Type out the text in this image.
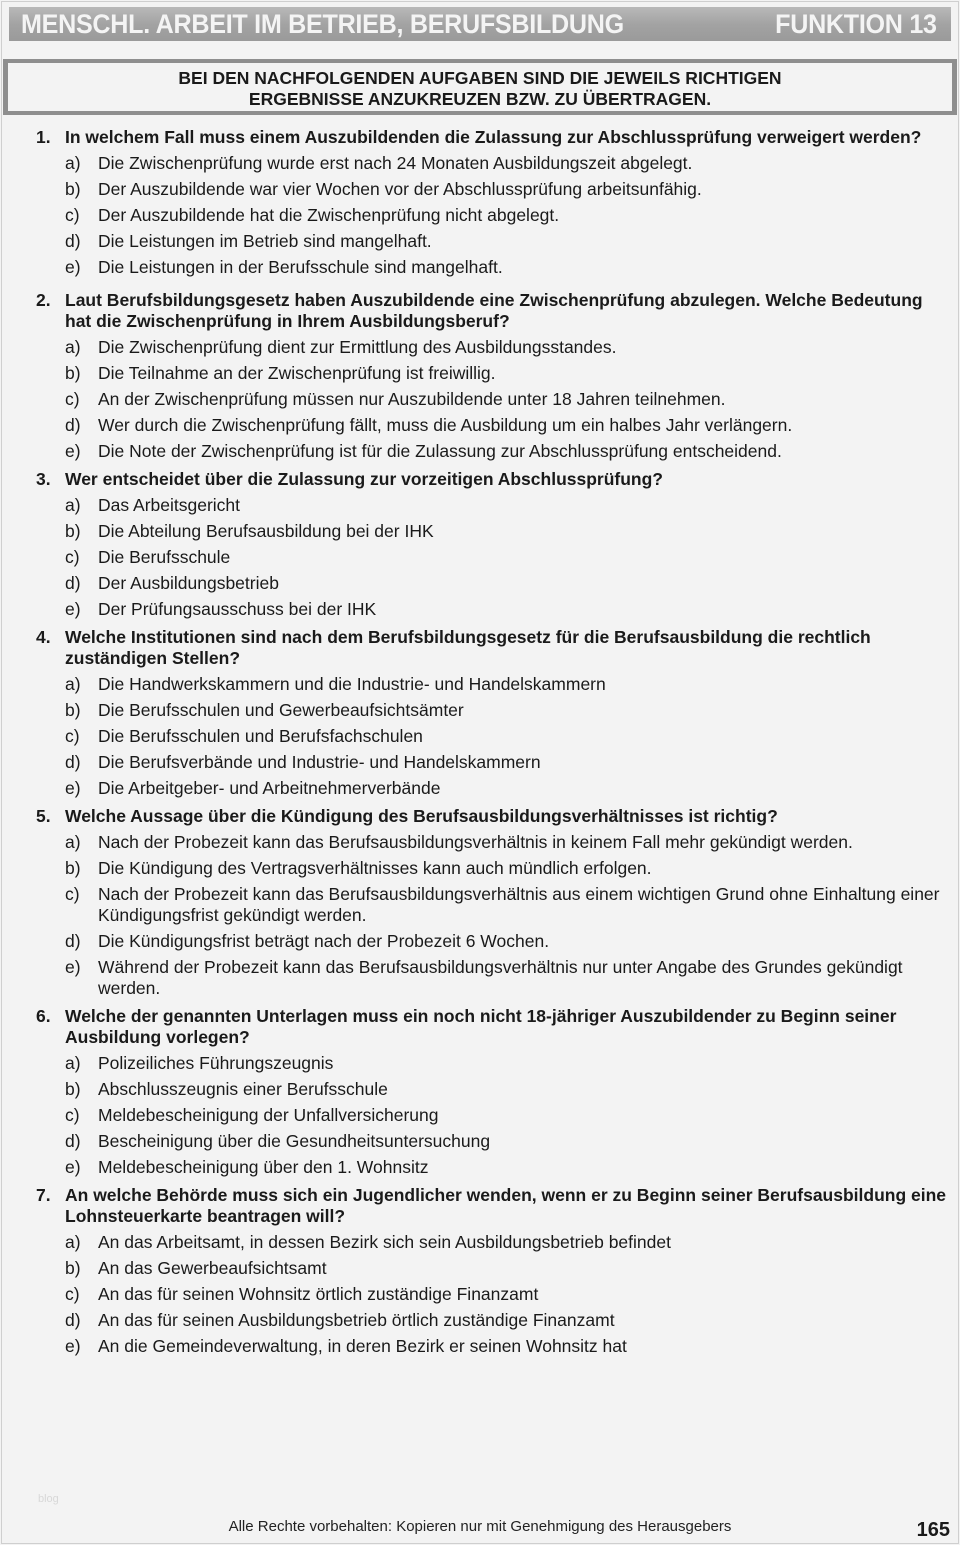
MENSCHL. ARBEIT IM BETRIEB, BERUFSBILDUNG	FUNKTION 13
BEI DEN NACHFOLGENDEN AUFGABEN SIND DIE JEWEILS RICHTIGEN ERGEBNISSE ANZUKREUZEN BZW. ZU ÜBERTRAGEN.
1. In welchem Fall muss einem Auszubildenden die Zulassung zur Abschlussprüfung verweigert werden?
a) Die Zwischenprüfung wurde erst nach 24 Monaten Ausbildungszeit abgelegt.
b) Der Auszubildende war vier Wochen vor der Abschlussprüfung arbeitsunfähig.
c)	Der Auszubildende hat die Zwischenprüfung nicht abgelegt.
d) Die Leistungen im Betrieb sind mangelhaft.
e) Die Leistungen in der Berufsschule sind mangelhaft.
2. Laut Berufsbildungsgesetz haben Auszubildende eine Zwischenprüfung abzulegen. Welche Bedeutung hat die Zwischenprüfung in Ihrem Ausbildungsberuf?
a) Die Zwischenprüfung dient zur Ermittlung des Ausbildungsstandes.
b) Die Teilnahme an der Zwischenprüfung ist freiwillig.
c)	An der Zwischenprüfung müssen nur Auszubildende unter 18 Jahren teilnehmen.
d) Wer durch die Zwischenprüfung fällt, muss die Ausbildung um ein halbes Jahr verlängern.
e) Die Note der Zwischenprüfung ist für die Zulassung zur Abschlussprüfung entscheidend.
3. Wer entscheidet über die Zulassung zur vorzeitigen Abschlussprüfung?
a) Das Arbeitsgericht
b) Die Abteilung Berufsausbildung bei der IHK
c)	Die Berufsschule
d) Der Ausbildungsbetrieb
e) Der Prüfungsausschuss bei der IHK
4. Welche Institutionen sind nach dem Berufsbildungsgesetz für die Berufsausbildung die rechtlich zuständigen Stellen?
a) Die Handwerkskammern und die Industrie- und Handelskammern
b) Die Berufsschulen und Gewerbeaufsichtsämter
c)	Die Berufsschulen und Berufsfachschulen
d) Die Berufsverbände und Industrie- und Handelskammern
e) Die Arbeitgeber- und Arbeitnehmerverbände
5. Welche Aussage über die Kündigung des Berufsausbildungsverhältnisses ist richtig?
a) Nach der Probezeit kann das Berufsausbildungsverhältnis in keinem Fall mehr gekündigt werden.
b) Die Kündigung des Vertragsverhältnisses kann auch mündlich erfolgen.
c)	Nach der Probezeit kann das Berufsausbildungsverhältnis aus einem wichtigen Grund ohne Einhaltung einer Kündigungsfrist gekündigt werden.
d) Die Kündigungsfrist beträgt nach der Probezeit 6 Wochen.
e) Während der Probezeit kann das Berufsausbildungsverhältnis nur unter Angabe des Grundes gekündigt werden.
6. Welche der genannten Unterlagen muss ein noch nicht 18-jähriger Auszubildender zu Beginn seiner Ausbildung vorlegen?
a) Polizeiliches Führungszeugnis
b) Abschlusszeugnis einer Berufsschule
c)	Meldebescheinigung der Unfallversicherung
d) Bescheinigung über die Gesundheitsuntersuchung
e) Meldebescheinigung über den 1. Wohnsitz
7. An welche Behörde muss sich ein Jugendlicher wenden, wenn er zu Beginn seiner Berufsausbildung eine Lohnsteuerkarte beantragen will?
a) An das Arbeitsamt, in dessen Bezirk sich sein Ausbildungsbetrieb befindet
b) An das Gewerbeaufsichtsamt
c)	An das für seinen Wohnsitz örtlich zuständige Finanzamt
d) An das für seinen Ausbildungsbetrieb örtlich zuständige Finanzamt
e) An die Gemeindeverwaltung, in deren Bezirk er seinen Wohnsitz hat
blog
Alle Rechte vorbehalten: Kopieren nur mit Genehmigung des Herausgebers	165
